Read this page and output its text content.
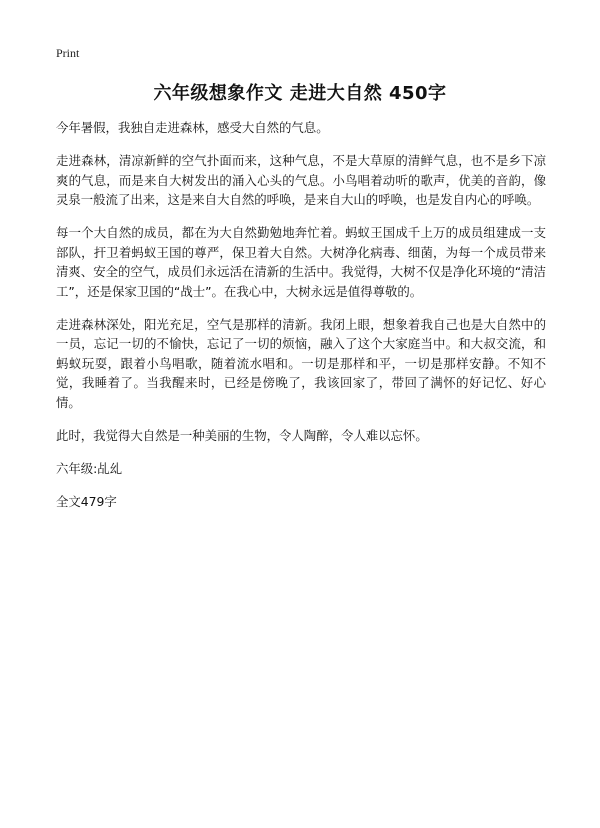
Print
六年级想象作文 走进大自然 450字

今年暑假，我独自走进森林，感受大自然的气息。

走进森林，清凉新鲜的空气扑面而来，这种气息，不是大草原的清鲜气息，也不是乡下凉爽的气息，而是来自大树发出的涌入心头的气息。小鸟唱着动听的歌声，优美的音韵，像灵泉一般流了出来，这是来自大自然的呼唤，是来自大山的呼唤，也是发自内心的呼唤。

每一个大自然的成员，都在为大自然勤勉地奔忙着。蚂蚁王国成千上万的成员组建成一支部队，扞卫着蚂蚁王国的尊严，保卫着大自然。大树净化病毒、细菌，为每一个成员带来清爽、安全的空气，成员们永远活在清新的生活中。我觉得，大树不仅是净化环境的“清洁工”，还是保家卫国的“战士”。在我心中，大树永远是值得尊敬的。

走进森林深处，阳光充足，空气是那样的清新。我闭上眼，想象着我自己也是大自然中的一员，忘记一切的不愉快，忘记了一切的烦恼，融入了这个大家庭当中。和大叔交流，和蚂蚁玩耍，跟着小鸟唱歌，随着流水唱和。一切是那样和平，一切是那样安静。不知不觉，我睡着了。当我醒来时，已经是傍晚了，我该回家了，带回了满怀的好记忆、好心情。

此时，我觉得大自然是一种美丽的生物，令人陶醉，令人难以忘怀。

六年级:乩乣

全文479字
